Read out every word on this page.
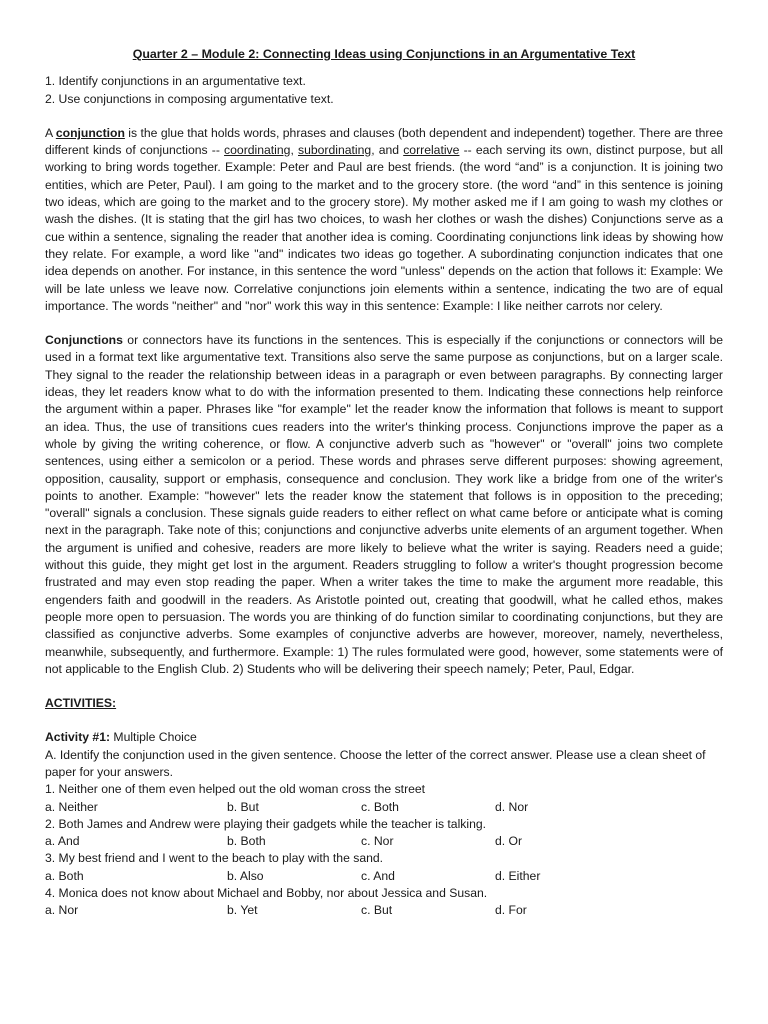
Quarter 2 – Module 2: Connecting Ideas using Conjunctions in an Argumentative Text
1. Identify conjunctions in an argumentative text.
2. Use conjunctions in composing argumentative text.

A conjunction is the glue that holds words, phrases and clauses (both dependent and independent) together. There are three different kinds of conjunctions -- coordinating, subordinating, and correlative -- each serving its own, distinct purpose, but all working to bring words together. Example: Peter and Paul are best friends. (the word “and” is a conjunction. It is joining two entities, which are Peter, Paul). I am going to the market and to the grocery store. (the word “and” in this sentence is joining two ideas, which are going to the market and to the grocery store). My mother asked me if I am going to wash my clothes or wash the dishes. (It is stating that the girl has two choices, to wash her clothes or wash the dishes) Conjunctions serve as a cue within a sentence, signaling the reader that another idea is coming. Coordinating conjunctions link ideas by showing how they relate. For example, a word like "and" indicates two ideas go together. A subordinating conjunction indicates that one idea depends on another. For instance, in this sentence the word "unless" depends on the action that follows it: Example: We will be late unless we leave now. Correlative conjunctions join elements within a sentence, indicating the two are of equal importance. The words "neither" and "nor" work this way in this sentence: Example: I like neither carrots nor celery.

Conjunctions or connectors have its functions in the sentences. This is especially if the conjunctions or connectors will be used in a format text like argumentative text. Transitions also serve the same purpose as conjunctions, but on a larger scale. They signal to the reader the relationship between ideas in a paragraph or even between paragraphs. By connecting larger ideas, they let readers know what to do with the information presented to them. Indicating these connections help reinforce the argument within a paper. Phrases like "for example" let the reader know the information that follows is meant to support an idea. Thus, the use of transitions cues readers into the writer's thinking process. Conjunctions improve the paper as a whole by giving the writing coherence, or flow. A conjunctive adverb such as "however" or "overall" joins two complete sentences, using either a semicolon or a period. These words and phrases serve different purposes: showing agreement, opposition, causality, support or emphasis, consequence and conclusion. They work like a bridge from one of the writer's points to another. Example: "however" lets the reader know the statement that follows is in opposition to the preceding; "overall" signals a conclusion. These signals guide readers to either reflect on what came before or anticipate what is coming next in the paragraph. Take note of this; conjunctions and conjunctive adverbs unite elements of an argument together. When the argument is unified and cohesive, readers are more likely to believe what the writer is saying. Readers need a guide; without this guide, they might get lost in the argument. Readers struggling to follow a writer's thought progression become frustrated and may even stop reading the paper. When a writer takes the time to make the argument more readable, this engenders faith and goodwill in the readers. As Aristotle pointed out, creating that goodwill, what he called ethos, makes people more open to persuasion. The words you are thinking of do function similar to coordinating conjunctions, but they are classified as conjunctive adverbs. Some examples of conjunctive adverbs are however, moreover, namely, nevertheless, meanwhile, subsequently, and furthermore. Example: 1) The rules formulated were good, however, some statements were of not applicable to the English Club. 2) Students who will be delivering their speech namely; Peter, Paul, Edgar.

ACTIVITIES:
Activity #1: Multiple Choice
A. Identify the conjunction used in the given sentence. Choose the letter of the correct answer. Please use a clean sheet of paper for your answers.
1. Neither one of them even helped out the old woman cross the street
a. Neither	b. But	c. Both	d. Nor
2. Both James and Andrew were playing their gadgets while the teacher is talking.
a. And	b. Both	c. Nor	d. Or
3. My best friend and I went to the beach to play with the sand.
a. Both	b. Also	c. And	d. Either
4. Monica does not know about Michael and Bobby, nor about Jessica and Susan.
a. Nor	b. Yet	c. But	d. For
